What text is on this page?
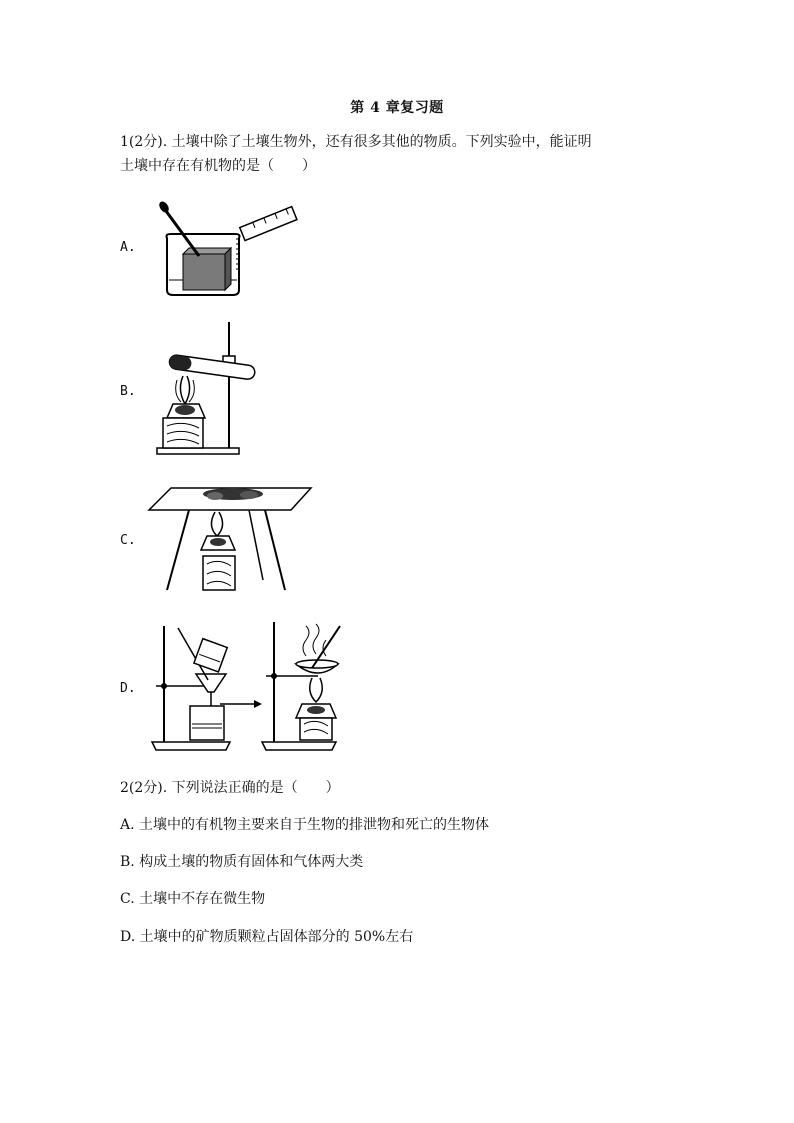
第 4 章复习题
1(2分). 土壤中除了土壤生物外，还有很多其他的物质。下列实验中，能证明
土壤中存在有机物的是（　　）
A.
B.
C.
D.
2(2分). 下列说法正确的是（　　）
A. 土壤中的有机物主要来自于生物的排泄物和死亡的生物体
B. 构成土壤的物质有固体和气体两大类
C. 土壤中不存在微生物
D. 土壤中的矿物质颗粒占固体部分的 50%左右
